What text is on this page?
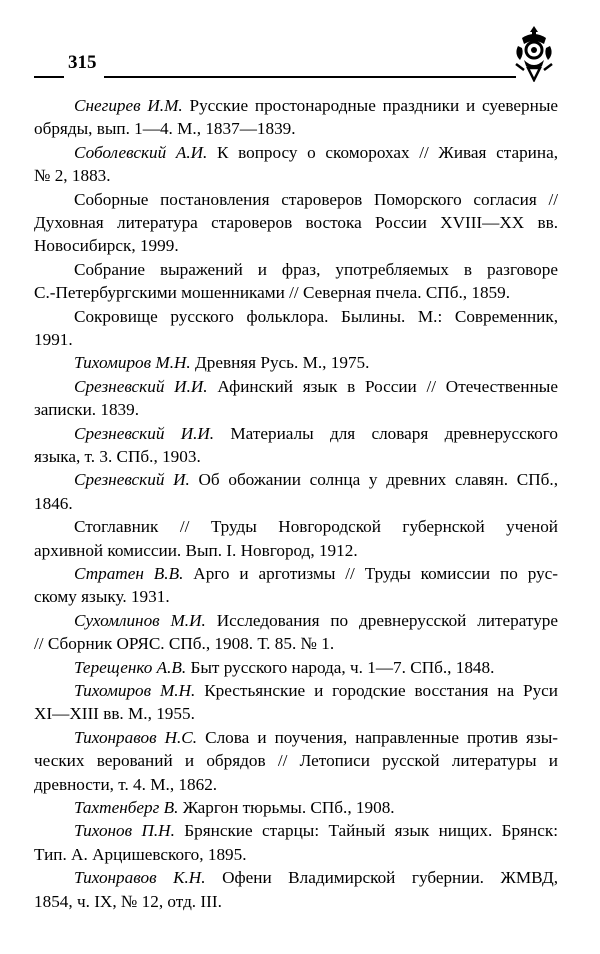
315
Снегирев И.М. Русские простонародные праздники и суеверные
обряды, вып. 1—4. М., 1837—1839.
Соболевский А.И. К вопросу о скоморохах // Живая старина,
№ 2, 1883.
Соборные постановления староверов Поморского согласия //
Духовная литература староверов востока России XVIII—XX вв.
Новосибирск, 1999.
Собрание выражений и фраз, употребляемых в разговоре
С.-Петербургскими мошенниками // Северная пчела. СПб., 1859.
Сокровище русского фольклора. Былины. М.: Современник,
1991.
Тихомиров М.Н. Древняя Русь. М., 1975.
Срезневский И.И. Афинский язык в России // Отечественные
записки. 1839.
Срезневский И.И. Материалы для словаря древнерусского
языка, т. 3. СПб., 1903.
Срезневский И. Об обожании солнца у древних славян. СПб.,
1846.
Стоглавник // Труды Новгородской губернской ученой
архивной комиссии. Вып. I. Новгород, 1912.
Стратен В.В. Арго и арготизмы // Труды комиссии по рус-
скому языку. 1931.
Сухомлинов М.И. Исследования по древнерусской литературе
// Сборник ОРЯС. СПб., 1908. Т. 85. № 1.
Терещенко А.В. Быт русского народа, ч. 1—7. СПб., 1848.
Тихомиров М.Н. Крестьянские и городские восстания на Руси
XI—XIII вв. М., 1955.
Тихонравов Н.С. Слова и поучения, направленные против язы-
ческих верований и обрядов // Летописи русской литературы и
древности, т. 4. М., 1862.
Тахтенберг В. Жаргон тюрьмы. СПб., 1908.
Тихонов П.Н. Брянские старцы: Тайный язык нищих. Брянск:
Тип. А. Арцишевского, 1895.
Тихонравов К.Н. Офени Владимирской губернии. ЖМВД,
1854, ч. IX, № 12, отд. III.
